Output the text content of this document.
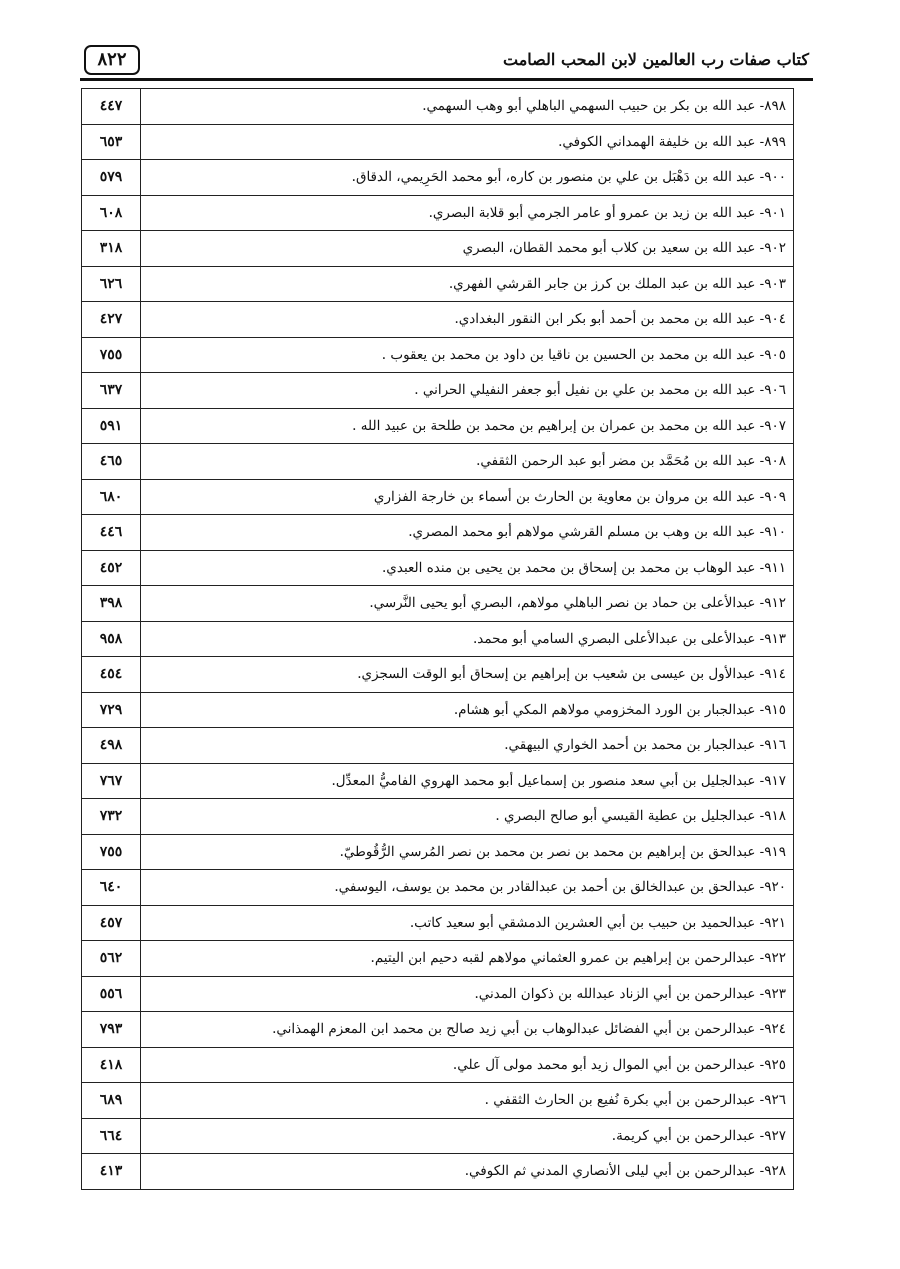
٨٢٢	كتاب صفات رب العالمين لابن المحب الصامت
٤٤٧	٨٩٨- عبد الله بن بكر بن حبيب السهمي الباهلي أبو وهب السهمي.
٦٥٣	٨٩٩- عبد الله بن خليفة الهمداني الكوفي.
٥٧٩	٩٠٠- عبد الله بن دَهْبَل بن علي بن منصور بن كاره، أبو محمد الحَرِيمي، الدقاق.
٦٠٨	٩٠١- عبد الله بن زيد بن عمرو أو عامر الجرمي أبو قلابة البصري.
٣١٨	٩٠٢- عبد الله بن سعيد بن كلاب أبو محمد القطان، البصري
٦٢٦	٩٠٣- عبد الله بن عبد الملك بن كرز بن جابر القرشي الفهري.
٤٢٧	٩٠٤- عبد الله بن محمد بن أحمد أبو بكر ابن النقور البغدادي.
٧٥٥	٩٠٥- عبد الله بن محمد بن الحسين بن ناقيا بن داود بن محمد بن يعقوب .
٦٣٧	٩٠٦- عبد الله بن محمد بن علي بن نفيل أبو جعفر النفيلي الحراني .
٥٩١	٩٠٧- عبد الله بن محمد بن عمران بن إبراهيم بن محمد بن طلحة بن عبيد الله .
٤٦٥	٩٠٨- عبد الله بن مُحَمَّد بن مضر أبو عبد الرحمن الثقفي.
٦٨٠	٩٠٩- عبد الله بن مروان بن معاوية بن الحارث بن أسماء بن خارجة الفزاري
٤٤٦	٩١٠- عبد الله بن وهب بن مسلم القرشي مولاهم أبو محمد المصري.
٤٥٢	٩١١- عبد الوهاب بن محمد بن إسحاق بن محمد بن يحيى بن منده العبدي.
٣٩٨	٩١٢- عبدالأعلى بن حماد بن نصر الباهلي مولاهم، البصري أبو يحيى النَّرسي.
٩٥٨	٩١٣- عبدالأعلى بن عبدالأعلى البصري السامي أبو محمد.
٤٥٤	٩١٤- عبدالأول بن عيسى بن شعيب بن إبراهيم بن إسحاق أبو الوقت السجزي.
٧٢٩	٩١٥- عبدالجبار بن الورد المخزومي مولاهم المكي أبو هشام.
٤٩٨	٩١٦- عبدالجبار بن محمد بن أحمد الخواري البيهقي.
٧٦٧	٩١٧- عبدالجليل بن أبي سعد منصور بن إسماعيل أبو محمد الهروي الفاميُّ المعدِّل.
٧٣٢	٩١٨- عبدالجليل بن عطية القيسي أبو صالح البصري .
٧٥٥	٩١٩- عبدالحق بن إبراهيم بن محمد بن نصر بن محمد بن نصر المُرسي الرُّقُوطيّ.
٦٤٠	٩٢٠- عبدالحق بن عبدالخالق بن أحمد بن عبدالقادر بن محمد بن يوسف، اليوسفي.
٤٥٧	٩٢١- عبدالحميد بن حبيب بن أبي العشرين الدمشقي أبو سعيد كاتب.
٥٦٢	٩٢٢- عبدالرحمن بن إبراهيم بن عمرو العثماني مولاهم لقبه دحيم ابن اليتيم.
٥٥٦	٩٢٣- عبدالرحمن بن أبي الزناد عبدالله بن ذكوان المدني.
٧٩٣	٩٢٤- عبدالرحمن بن أبي الفضائل عبدالوهاب بن أبي زيد صالح بن محمد ابن المعزم الهمذاني.
٤١٨	٩٢٥- عبدالرحمن بن أبي الموال زيد أبو محمد مولى آل علي.
٦٨٩	٩٢٦- عبدالرحمن بن أبي بكرة نُفيع بن الحارث الثقفي .
٦٦٤	٩٢٧- عبدالرحمن بن أبي كريمة.
٤١٣	٩٢٨- عبدالرحمن بن أبي ليلى الأنصاري المدني ثم الكوفي.
